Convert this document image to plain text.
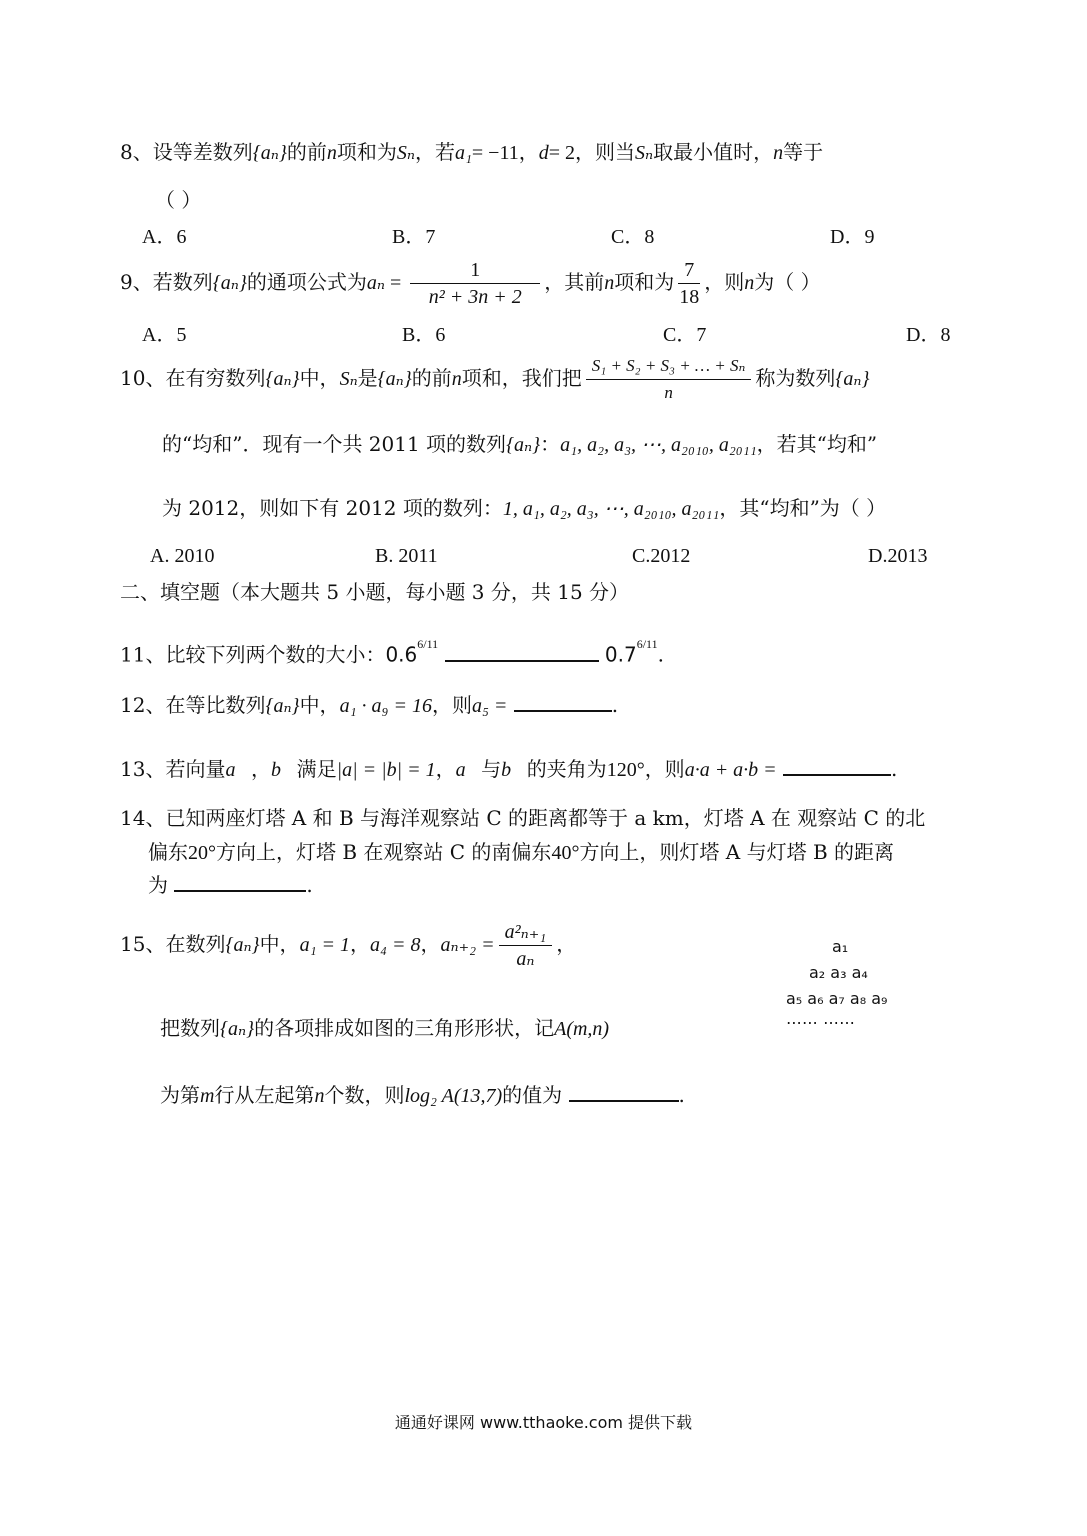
8、设等差数列{aₙ}的前n项和为Sₙ，若a₁= −11，d= 2，则当Sₙ取最小值时，n等于
（ ）
A．6	B．7	C．8	D．9
9、若数列{aₙ}的通项公式为$a_n = \frac{1}{\text{n² + 3n + 2}}$ ，其前n项和为 $\frac{7}{18}$ ，则n为（ ）
A．5	B．6	C．7	D．8
10、在有穷数列{aₙ}中，Sₙ是{aₙ}的前n项和，我们把 $\frac{\text{S₁ + S₂ + S₃ + … + Sₙ}}{n}$ 称为数列{aₙ}
的“均和”．现有一个共 2011 项的数列{aₙ}：a₁, a₂, a₃, ⋯, a₂₀₁₀, a₂₀₁₁，若其“均和”
为 2012，则如下有 2012 项的数列：1, a₁, a₂, a₃, ⋯, a₂₀₁₀, a₂₀₁₁，其“均和”为（ ）
A. 2010	B. 2011	C.2012	D.2013
二、填空题（本大题共 5 小题，每小题 3 分，共 15 分）
11、比较下列两个数的大小：$0.6^{6/11}$	$0.7^{6/11}$.
12、在等比数列{aₙ}中，a₁ · a₉ = 16，则a₅ =	.
13、若向量a⃗，b⃗满足|a| = |b| = 1，a⃗与b⃗的夹角为120°，则a·a + a·b =	.
14、已知两座灯塔 A 和 B 与海洋观察站 C 的距离都等于 a km，灯塔 A 在 观察站 C 的北
偏东20°方向上，灯塔 B 在观察站 C 的南偏东40°方向上，则灯塔 A 与灯塔 B 的距离
为	.
15、在数列{aₙ}中，a₁ = 1，a₄ = 8，$a_{n+2} = \frac{\text{a²ₙ₊₁}}{\text{aₙ}}$ ，
把数列{aₙ}的各项排成如图的三角形形状，记A(m,n)
为第m行从左起第n个数，则log₂ A(13,7)的值为	.
a₁
a₂ a₃ a₄
a₅ a₆ a₇ a₈ a₉
⋯⋯ ⋯⋯
通通好课网 www.tthaoke.com 提供下载
